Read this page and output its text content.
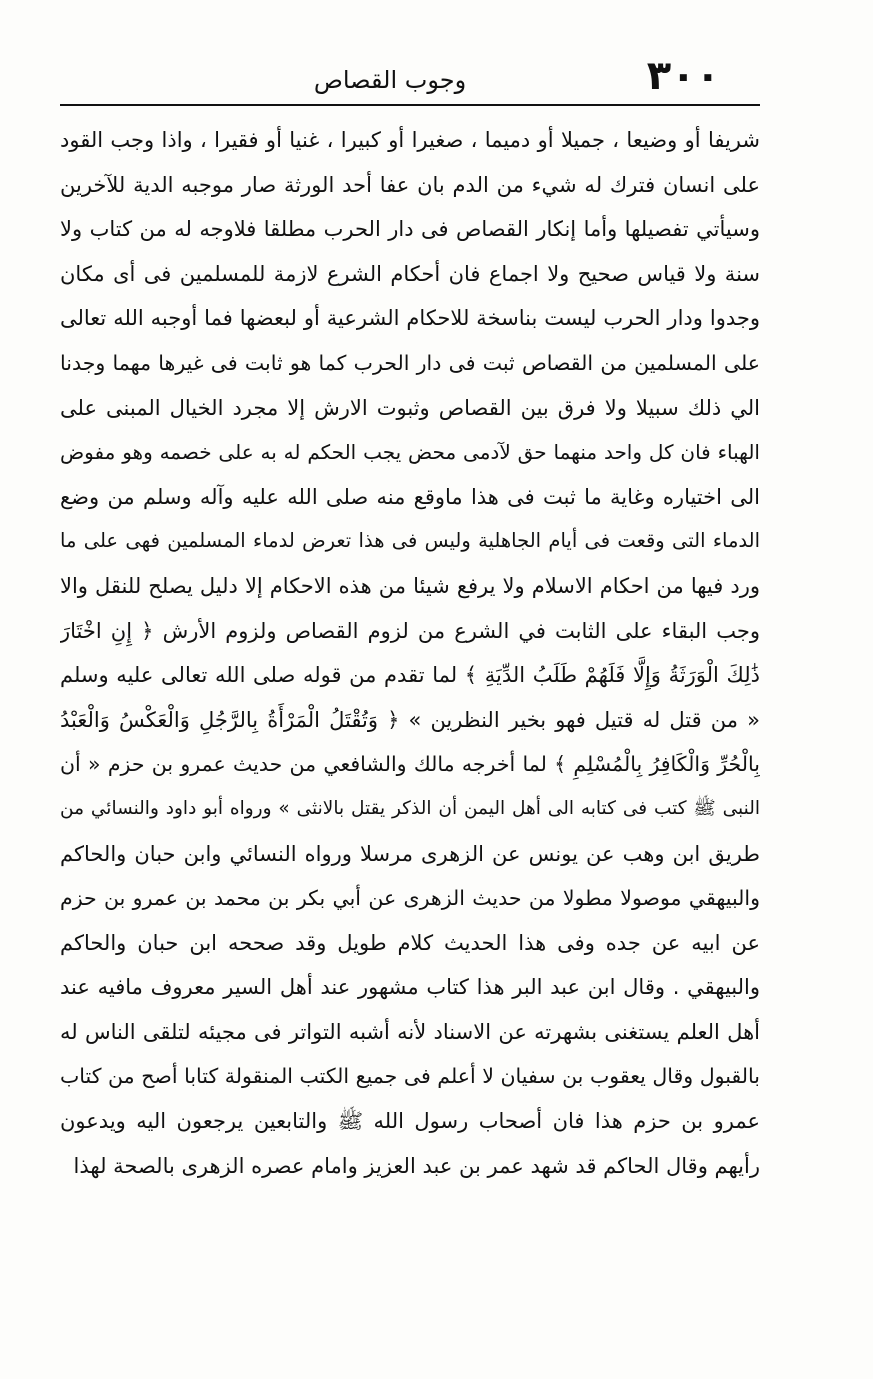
٣٠٠
وجوب القصاص
شريفا أو وضيعا ، جميلا أو دميما ، صغيرا أو كبيرا ، غنيا أو فقيرا ، واذا وجب القود
على انسان فترك له شيء من الدم بان عفا أحد الورثة صار موجبه الدية للآخرين
وسيأتي تفصيلها وأما إنكار القصاص فى دار الحرب مطلقا فلاوجه له من كتاب ولا
سنة ولا قياس صحيح ولا اجماع فان أحكام الشرع لازمة للمسلمين فى أى مكان
وجدوا ودار الحرب ليست بناسخة للاحكام الشرعية أو لبعضها فما أوجبه الله تعالى
على المسلمين من القصاص ثبت فى دار الحرب كما هو ثابت فى غيرها مهما وجدنا
الي ذلك سبيلا ولا فرق بين القصاص وثبوت الارش إلا مجرد الخيال المبنى على
الهباء فان كل واحد منهما حق لآدمى محض يجب الحكم له به على خصمه وهو مفوض
الى اختياره وغاية ما ثبت فى هذا ماوقع منه صلى الله عليه وآله وسلم من وضع
الدماء التى وقعت فى أيام الجاهلية وليس فى هذا تعرض لدماء المسلمين فهى على ما
ورد فيها من احكام الاسلام ولا يرفع شيئا من هذه الاحكام إلا دليل يصلح للنقل والا
وجب البقاء على الثابت في الشرع من لزوم القصاص ولزوم الأرش ﴿ إِنِ اخْتَارَ
ذَٰلِكَ الْوَرَثَةُ وَإِلَّا فَلَهُمْ طَلَبُ الدِّيَةِ ﴾ لما تقدم من قوله صلى الله تعالى عليه وسلم
« من قتل له قتيل فهو بخير النظرين » ﴿ وَتُقْتَلُ الْمَرْأَةُ بِالرَّجُلِ وَالْعَكْسُ وَالْعَبْدُ
بِالْحُرِّ وَالْكَافِرُ بِالْمُسْلِمِ ﴾ لما أخرجه مالك والشافعي من حديث عمرو بن حزم « أن
النبى ﷺ كتب فى كتابه الى أهل اليمن أن الذكر يقتل بالانثى » ورواه أبو داود والنسائي من
طريق ابن وهب عن يونس عن الزهرى مرسلا ورواه النسائي وابن حبان والحاكم
والبيهقي موصولا مطولا من حديث الزهرى عن أبي بكر بن محمد بن عمرو بن حزم
عن ابيه عن جده وفى هذا الحديث كلام طويل وقد صححه ابن حبان والحاكم
والبيهقي . وقال ابن عبد البر هذا كتاب مشهور عند أهل السير معروف مافيه عند
أهل العلم يستغنى بشهرته عن الاسناد لأنه أشبه التواتر فى مجيئه لتلقى الناس له
بالقبول وقال يعقوب بن سفيان لا أعلم فى جميع الكتب المنقولة كتابا أصح من كتاب
عمرو بن حزم هذا فان أصحاب رسول الله ﷺ والتابعين يرجعون اليه ويدعون
رأيهم وقال الحاكم قد شهد عمر بن عبد العزيز وامام عصره الزهرى بالصحة لهذا
